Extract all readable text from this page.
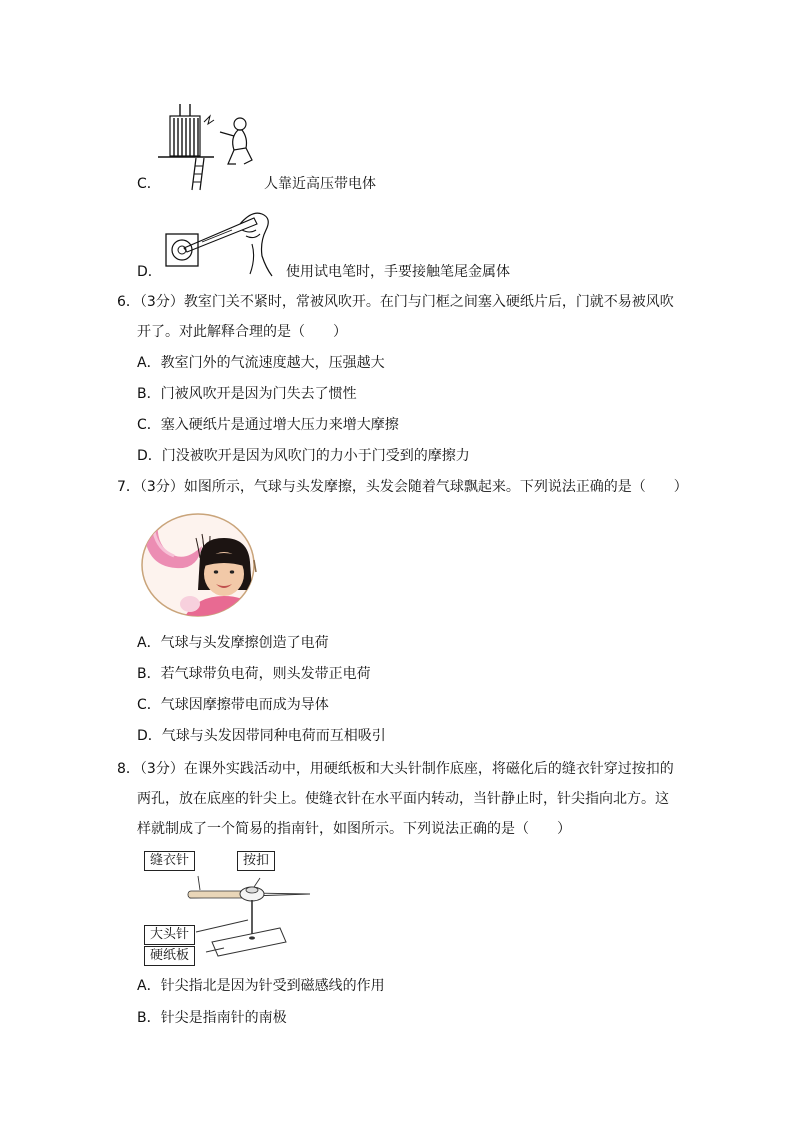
C．	人靠近高压带电体
D．	使用试电笔时，手要接触笔尾金属体
6．（3分）教室门关不紧时，常被风吹开。在门与门框之间塞入硬纸片后，门就不易被风吹
开了。对此解释合理的是（　　）
A．教室门外的气流速度越大，压强越大
B．门被风吹开是因为门失去了惯性
C．塞入硬纸片是通过增大压力来增大摩擦
D．门没被吹开是因为风吹门的力小于门受到的摩擦力
7．（3分）如图所示，气球与头发摩擦，头发会随着气球飘起来。下列说法正确的是（　　）
A．气球与头发摩擦创造了电荷
B．若气球带负电荷，则头发带正电荷
C．气球因摩擦带电而成为导体
D．气球与头发因带同种电荷而互相吸引
8．（3分）在课外实践活动中，用硬纸板和大头针制作底座，将磁化后的缝衣针穿过按扣的
两孔，放在底座的针尖上。使缝衣针在水平面内转动，当针静止时，针尖指向北方。这
样就制成了一个简易的指南针，如图所示。下列说法正确的是（　　）
缝衣针	按扣
大头针
硬纸板
A．针尖指北是因为针受到磁感线的作用
B．针尖是指南针的南极
